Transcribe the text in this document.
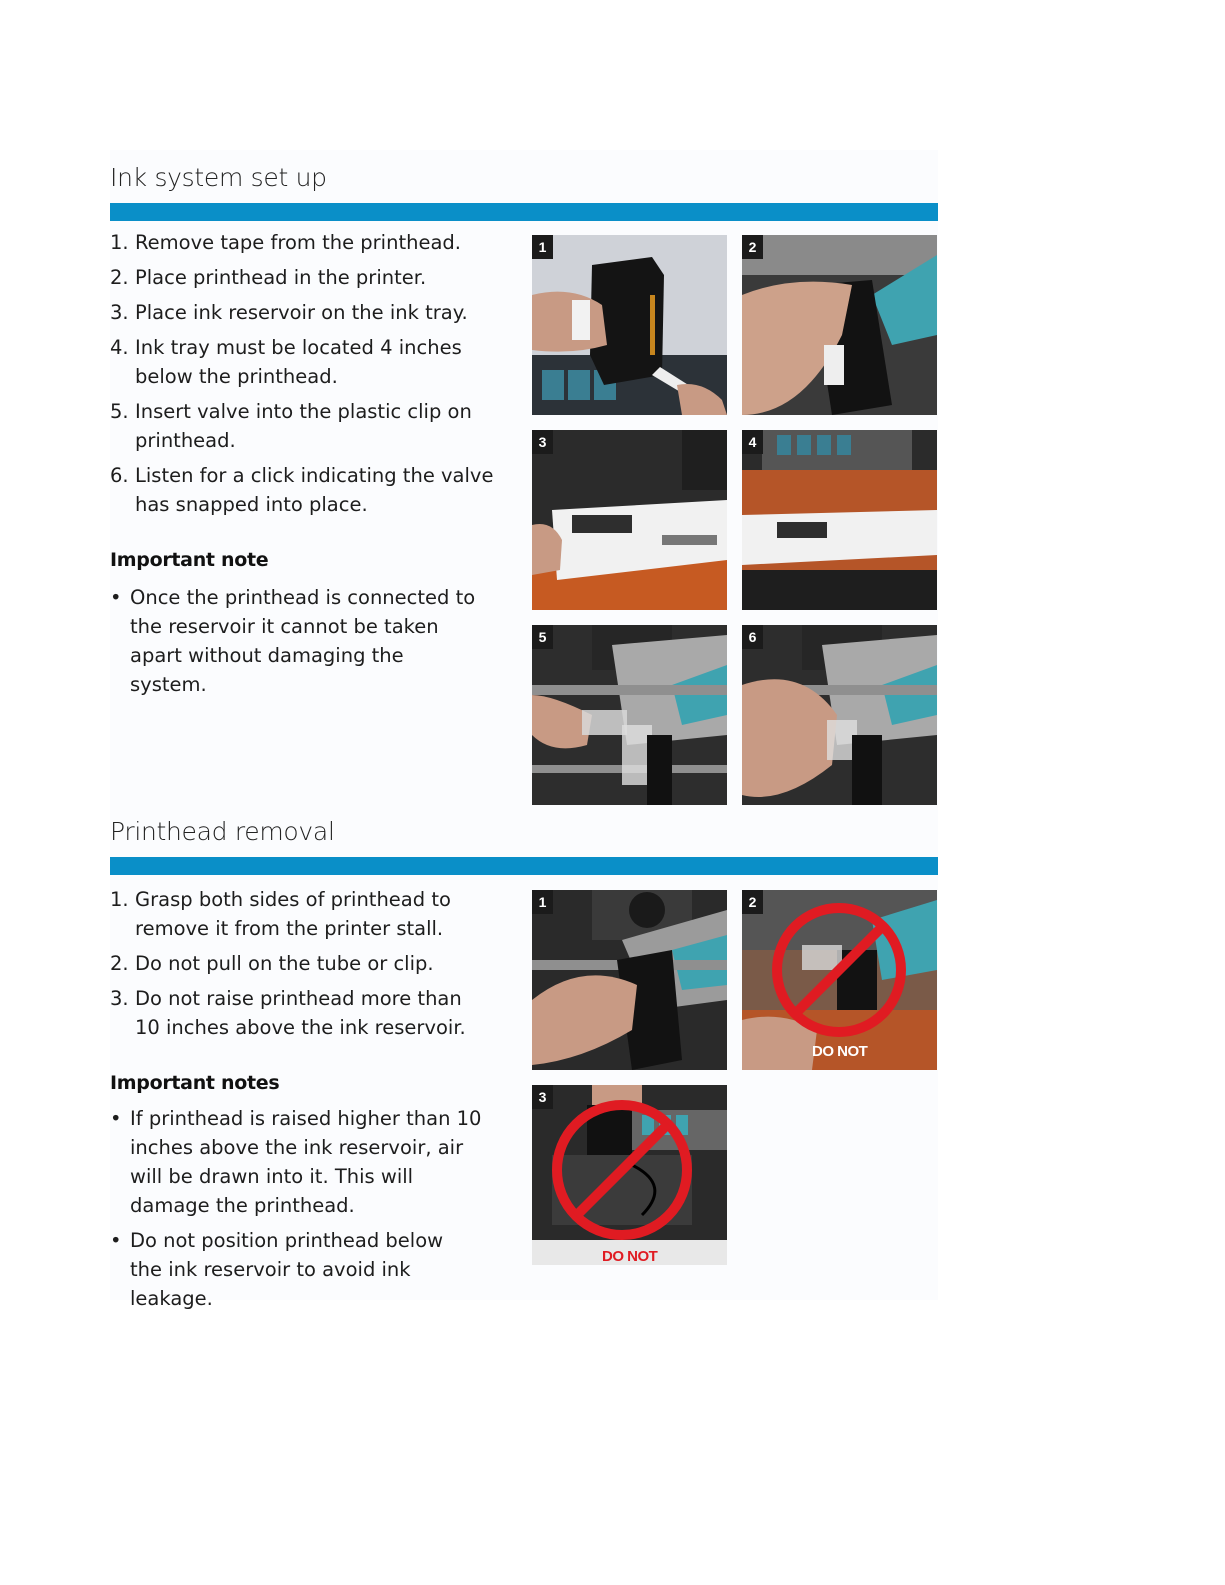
Ink system set up
1. Remove tape from the printhead.
2. Place printhead in the printer.
3. Place ink reservoir on the ink tray.
4. Ink tray must be located 4 inches below the printhead.
5. Insert valve into the plastic clip on printhead.
6. Listen for a click indicating the valve has snapped into place.
Important note
• Once the printhead is connected to the reservoir it cannot be taken apart without damaging the system.
1	2
3	4
5	6
Printhead removal
1. Grasp both sides of printhead to remove it from the printer stall.
2. Do not pull on the tube or clip.
3. Do not raise printhead more than 10 inches above the ink reservoir.
Important notes
• If printhead is raised higher than 10 inches above the ink reservoir, air will be drawn into it. This will damage the printhead.
• Do not position printhead below the ink reservoir to avoid ink leakage.
1	2
DO NOT
3
DO NOT
